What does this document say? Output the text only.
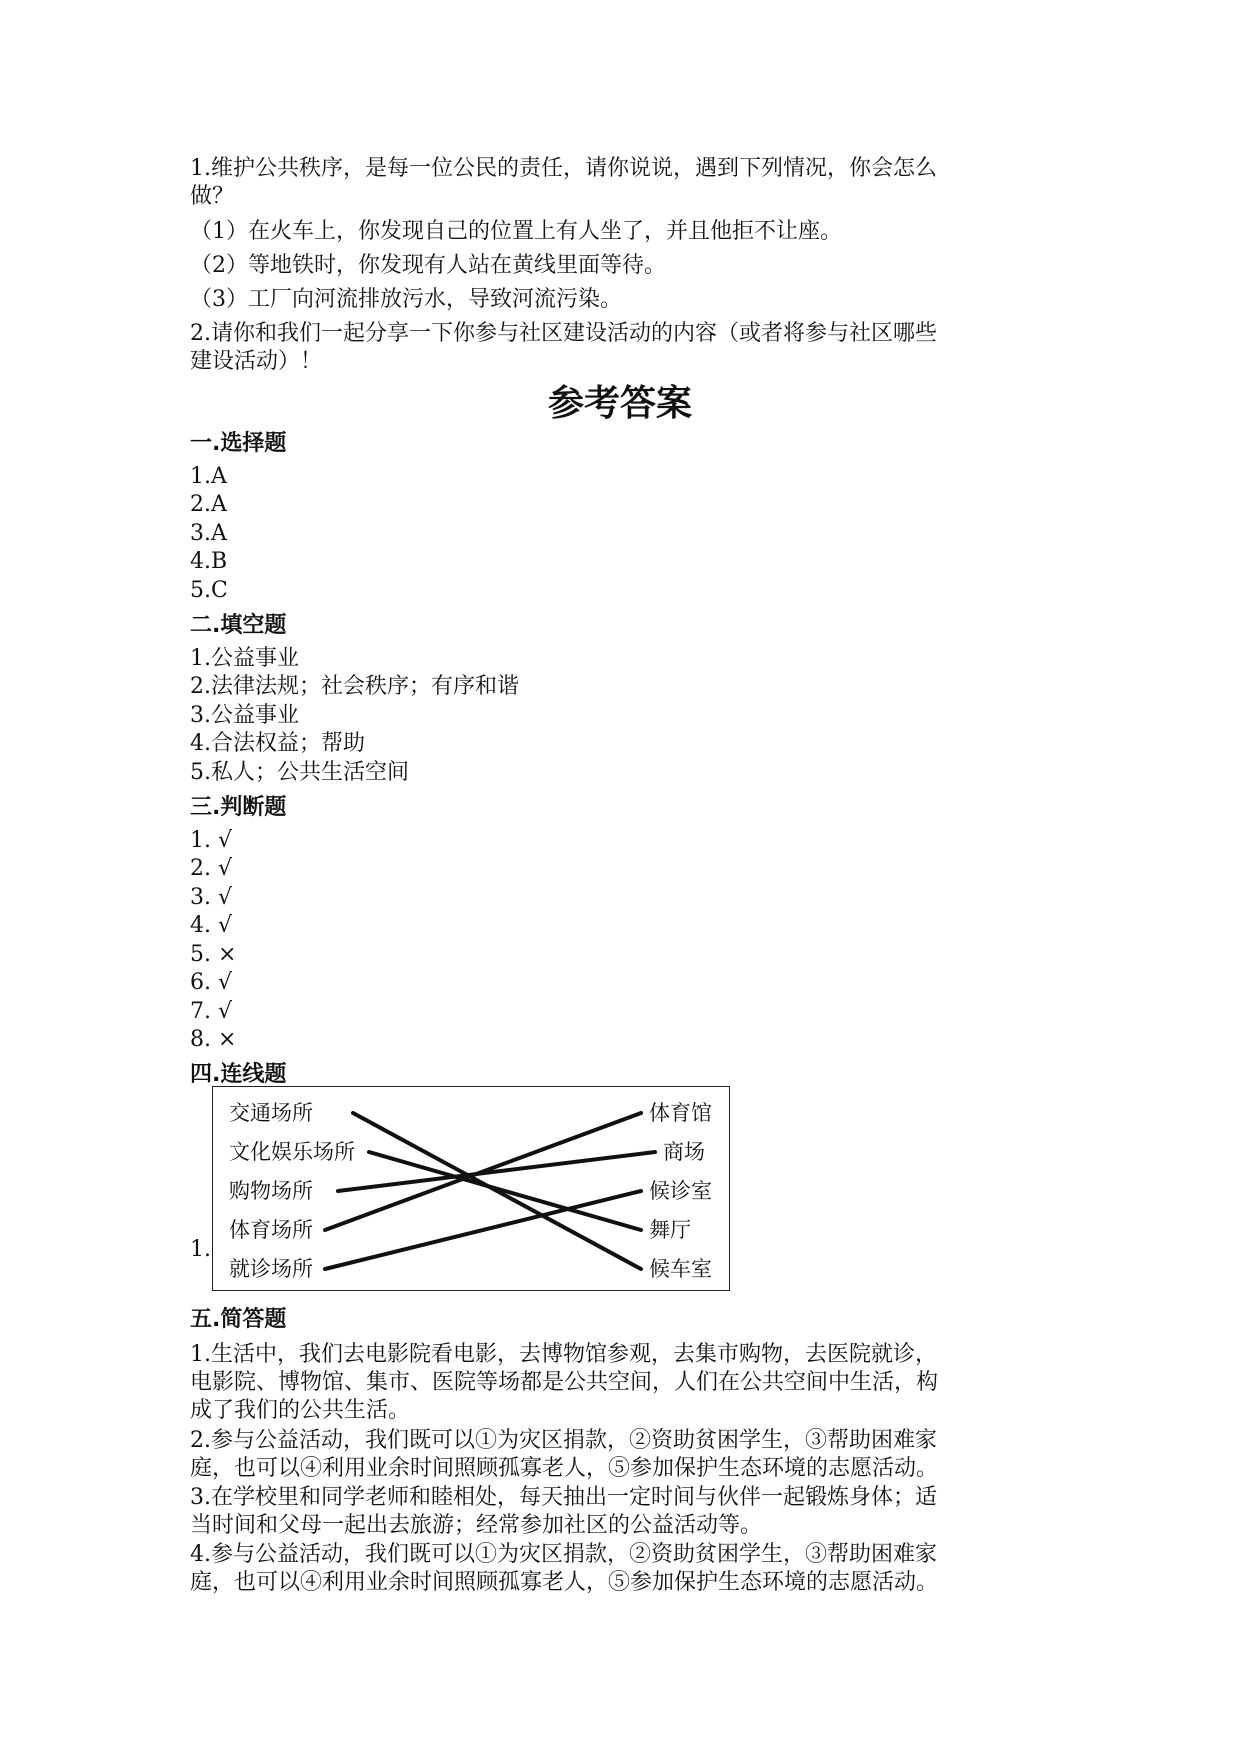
1.维护公共秩序，是每一位公民的责任，请你说说，遇到下列情况，你会怎么
做？
（1）在火车上，你发现自己的位置上有人坐了，并且他拒不让座。
（2）等地铁时，你发现有人站在黄线里面等待。
（3）工厂向河流排放污水，导致河流污染。
2.请你和我们一起分享一下你参与社区建设活动的内容（或者将参与社区哪些
建设活动）！
参考答案
一.选择题
1.A
2.A
3.A
4.B
5.C
二.填空题
1.公益事业
2.法律法规；社会秩序；有序和谐
3.公益事业
4.合法权益；帮助
5.私人；公共生活空间
三.判断题
1. √
2. √
3. √
4. √
5. ×
6. √
7. √
8. ×
四.连线题
1.
交通场所
文化娱乐场所
购物场所
体育场所
就诊场所
体育馆
商场
候诊室
舞厅
候车室
五.简答题
1.生活中，我们去电影院看电影，去博物馆参观，去集市购物，去医院就诊，
电影院、博物馆、集市、医院等场都是公共空间，人们在公共空间中生活，构
成了我们的公共生活。
2.参与公益活动，我们既可以①为灾区捐款，②资助贫困学生，③帮助困难家
庭，也可以④利用业余时间照顾孤寡老人，⑤参加保护生态环境的志愿活动。
3.在学校里和同学老师和睦相处，每天抽出一定时间与伙伴一起锻炼身体；适
当时间和父母一起出去旅游；经常参加社区的公益活动等。
4.参与公益活动，我们既可以①为灾区捐款，②资助贫困学生，③帮助困难家
庭，也可以④利用业余时间照顾孤寡老人，⑤参加保护生态环境的志愿活动。
